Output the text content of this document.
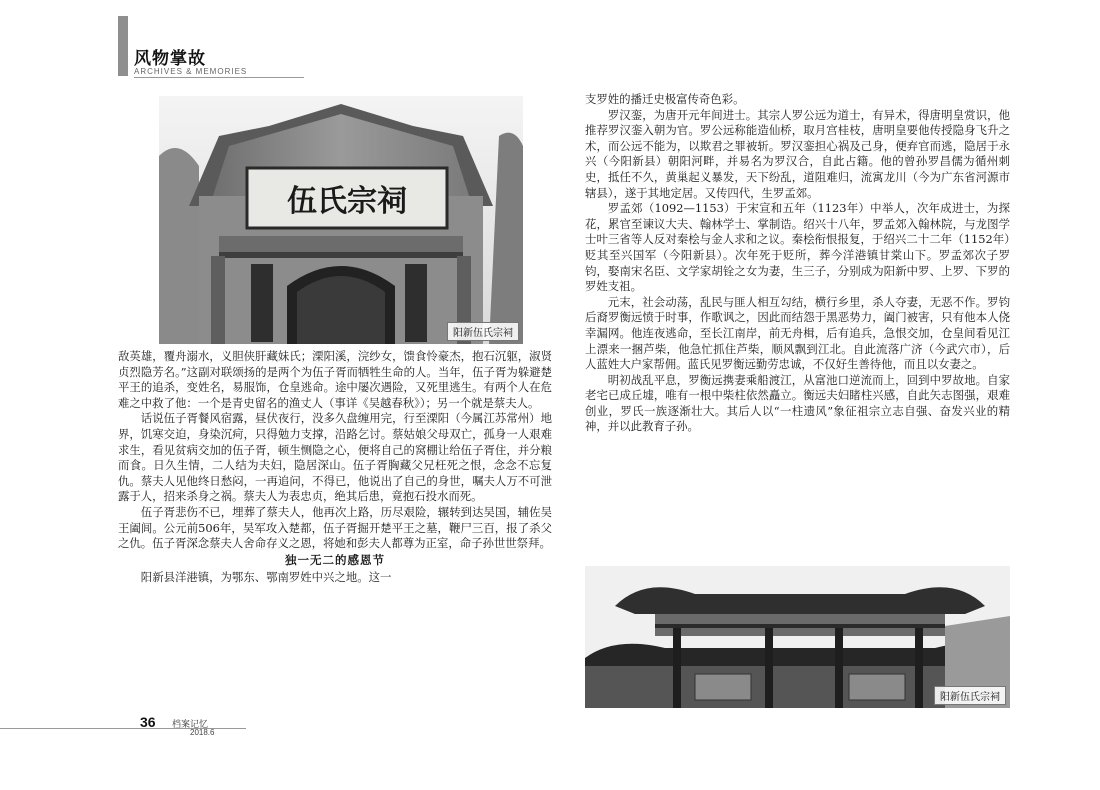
风物掌故
ARCHIVES & MEMORIES
伍氏宗祠
阳新伍氏宗祠

敌英雄，覆舟溺水，义胆侠肝藏妹氏；溧阳溪，浣纱女，馈食怜豪杰，抱石沉躯，淑贤贞烈隐芳名。”这副对联颂扬的是两个为伍子胥而牺牲生命的人。当年，伍子胥为躲避楚平王的追杀，变姓名，易服饰，仓皇逃命。途中屡次遇险，又死里逃生。有两个人在危难之中救了他：一个是青史留名的渔丈人（事详《吴越春秋》）；另一个就是蔡夫人。

话说伍子胥餐风宿露，昼伏夜行，没多久盘缠用完，行至溧阳（今属江苏常州）地界，饥寒交迫，身染沉疴，只得勉力支撑，沿路乞讨。蔡姑娘父母双亡，孤身一人艰难求生，看见贫病交加的伍子胥，顿生恻隐之心，便将自己的窝棚让给伍子胥住，并分粮而食。日久生情，二人结为夫妇，隐居深山。伍子胥胸藏父兄枉死之恨，念念不忘复仇。蔡夫人见他终日愁闷，一再追问，不得已，他说出了自己的身世，嘱夫人万不可泄露于人，招来杀身之祸。蔡夫人为表忠贞，绝其后患，竟抱石投水而死。

伍子胥悲伤不已，埋葬了蔡夫人，他再次上路，历尽艰险，辗转到达吴国，辅佐吴王阖闾。公元前506年，吴军攻入楚都，伍子胥掘开楚平王之墓，鞭尸三百，报了杀父之仇。伍子胥深念蔡夫人舍命存义之恩，将她和彭夫人都尊为正室，命子孙世世祭拜。

独一无二的感恩节

阳新县洋港镇，为鄂东、鄂南罗姓中兴之地。这一

支罗姓的播迁史极富传奇色彩。

罗汉銮，为唐开元年间进士。其宗人罗公远为道士，有异术，得唐明皇赏识，他推荐罗汉銮入朝为官。罗公远称能造仙桥，取月宫桂枝，唐明皇要他传授隐身飞升之术，而公远不能为，以欺君之罪被斩。罗汉銮担心祸及己身，便弃官而逃，隐居于永兴（今阳新县）朝阳河畔，并易名为罗汉合，自此占籍。他的曾孙罗昌儒为循州刺史，抵任不久，黄巢起义暴发，天下纷乱，道阻难归，流寓龙川（今为广东省河源市辖县），遂于其地定居。又传四代，生罗孟郊。

罗孟郊（1092—1153）于宋宣和五年（1123年）中举人，次年成进士，为探花，累官至谏议大夫、翰林学士、掌制诰。绍兴十八年，罗孟郊入翰林院，与龙图学士叶三省等人反对秦桧与金人求和之议。秦桧衔恨报复，于绍兴二十二年（1152年）贬其至兴国军（今阳新县）。次年死于贬所，葬今洋港镇甘棠山下。罗孟郊次子罗钧，娶南宋名臣、文学家胡铨之女为妻，生三子，分别成为阳新中罗、上罗、下罗的罗姓支祖。

元末，社会动荡，乱民与匪人相互勾结，横行乡里，杀人夺妻，无恶不作。罗钧后裔罗衡远愤于时事，作歌讽之，因此而结怨于黑恶势力，阖门被害，只有他本人侥幸漏网。他连夜逃命，至长江南岸，前无舟楫，后有追兵，急恨交加，仓皇间看见江上漂来一捆芦柴，他急忙抓住芦柴，顺风飘到江北。自此流落广济（今武穴市），后人蓝姓大户家帮佣。蓝氏见罗衡远勤劳忠诚，不仅好生善待他，而且以女妻之。

明初战乱平息，罗衡远携妻乘船渡江，从富池口逆流而上，回到中罗故地。自家老宅已成丘墟，唯有一根中柴柱依然矗立。衡远夫妇睹柱兴感，自此矢志图强，艰难创业，罗氏一族逐渐壮大。其后人以“一柱遗风”象征祖宗立志自强、奋发兴业的精神，并以此教育子孙。

阳新伍氏宗祠
36 档案记忆
2018.6
